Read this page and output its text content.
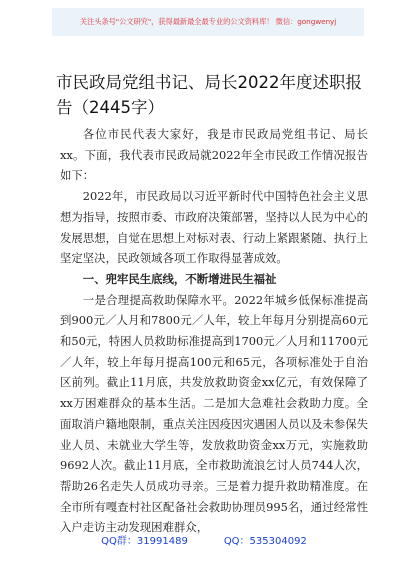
关注头条号"公文研究"，获得最新最全最专业的公文资料库！ 微信：gongwenyj
市民政局党组书记、局长2022年度述职报告（2445字）

各位市民代表大家好，我是市民政局党组书记、局长xx。下面，我代表市民政局就2022年全市民政工作情况报告如下：

2022年，市民政局以习近平新时代中国特色社会主义思想为指导，按照市委、市政府决策部署，坚持以人民为中心的发展思想，自觉在思想上对标对表、行动上紧跟紧随、执行上坚定坚决，民政领域各项工作取得显著成效。

一、兜牢民生底线，不断增进民生福祉

一是合理提高救助保障水平。2022年城乡低保标准提高到900元／人月和7800元／人年，较上年每月分别提高60元和50元，特困人员救助标准提高到1700元／人月和11700元／人年，较上年每月提高100元和65元，各项标准处于自治区前列。截止11月底，共发放救助资金xx亿元，有效保障了xx万困难群众的基本生活。二是加大急难社会救助力度。全面取消户籍地限制，重点关注因疫因灾遇困人员以及未参保失业人员、未就业大学生等，发放救助资金xx万元，实施救助9692人次。截止11月底，全市救助流浪乞讨人员744人次，帮助26名走失人员成功寻亲。三是着力提升救助精准度。在全市所有嘎查村社区配备社会救助协理员995名，通过经常性入户走访主动发现困难群众，

QQ群：31991489	QQ：535304092
